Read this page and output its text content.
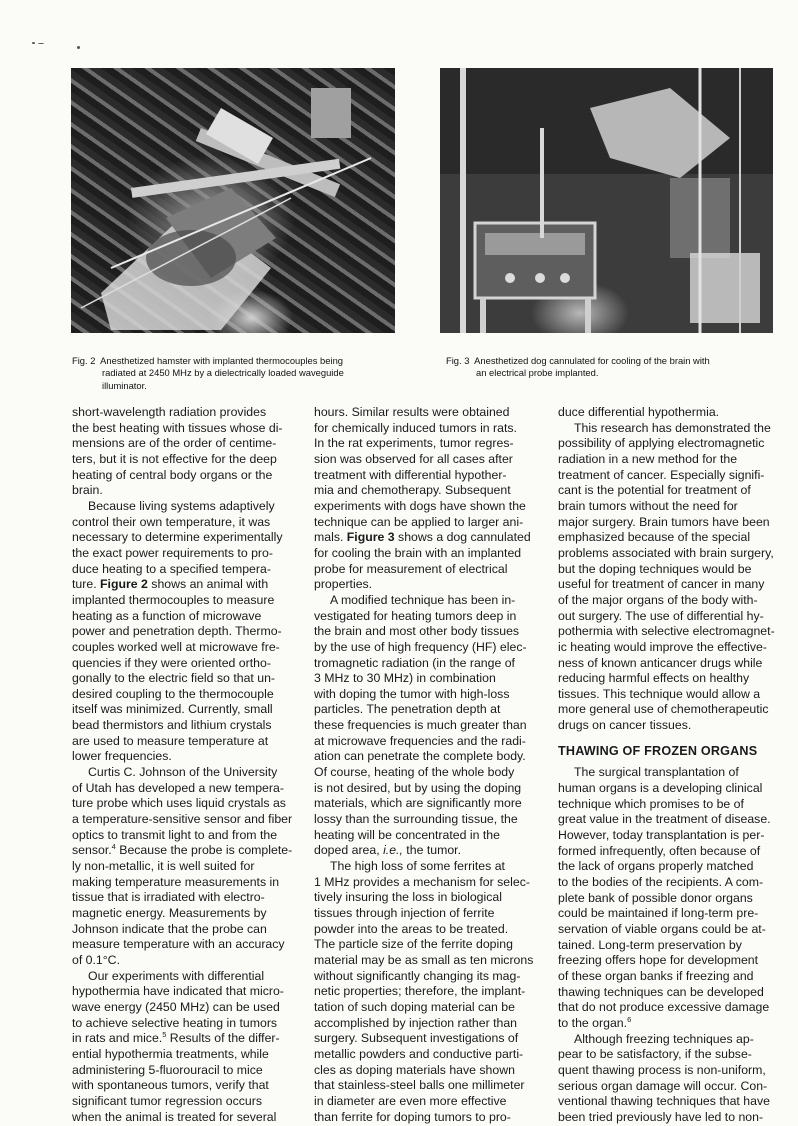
Fig. 2 Anesthetized hamster with implanted thermocouples being
radiated at 2450 MHz by a dielectrically loaded waveguide
illuminator.
Fig. 3 Anesthetized dog cannulated for cooling of the brain with
an electrical probe implanted.
short-wavelength radiation provides
the best heating with tissues whose di-
mensions are of the order of centime-
ters, but it is not effective for the deep
heating of central body organs or the
brain.
Because living systems adaptively
control their own temperature, it was
necessary to determine experimentally
the exact power requirements to pro-
duce heating to a specified tempera-
ture. Figure 2 shows an animal with
implanted thermocouples to measure
heating as a function of microwave
power and penetration depth. Thermo-
couples worked well at microwave fre-
quencies if they were oriented ortho-
gonally to the electric field so that un-
desired coupling to the thermocouple
itself was minimized. Currently, small
bead thermistors and lithium crystals
are used to measure temperature at
lower frequencies.
Curtis C. Johnson of the University
of Utah has developed a new tempera-
ture probe which uses liquid crystals as
a temperature-sensitive sensor and fiber
optics to transmit light to and from the
sensor.$^4$ Because the probe is complete-
ly non-metallic, it is well suited for
making temperature measurements in
tissue that is irradiated with electro-
magnetic energy. Measurements by
Johnson indicate that the probe can
measure temperature with an accuracy
of 0.1°C.
Our experiments with differential
hypothermia have indicated that micro-
wave energy (2450 MHz) can be used
to achieve selective heating in tumors
in rats and mice.$^5$ Results of the differ-
ential hypothermia treatments, while
administering 5-fluorouracil to mice
with spontaneous tumors, verify that
significant tumor regression occurs
when the animal is treated for several
hours. Similar results were obtained
for chemically induced tumors in rats.
In the rat experiments, tumor regres-
sion was observed for all cases after
treatment with differential hypother-
mia and chemotherapy. Subsequent
experiments with dogs have shown the
technique can be applied to larger ani-
mals. Figure 3 shows a dog cannulated
for cooling the brain with an implanted
probe for measurement of electrical
properties.
A modified technique has been in-
vestigated for heating tumors deep in
the brain and most other body tissues
by the use of high frequency (HF) elec-
tromagnetic radiation (in the range of
3 MHz to 30 MHz) in combination
with doping the tumor with high-loss
particles. The penetration depth at
these frequencies is much greater than
at microwave frequencies and the radi-
ation can penetrate the complete body.
Of course, heating of the whole body
is not desired, but by using the doping
materials, which are significantly more
lossy than the surrounding tissue, the
heating will be concentrated in the
doped area, i.e., the tumor.
The high loss of some ferrites at
1 MHz provides a mechanism for selec-
tively insuring the loss in biological
tissues through injection of ferrite
powder into the areas to be treated.
The particle size of the ferrite doping
material may be as small as ten microns
without significantly changing its mag-
netic properties; therefore, the implant-
tation of such doping material can be
accomplished by injection rather than
surgery. Subsequent investigations of
metallic powders and conductive parti-
cles as doping materials have shown
that stainless-steel balls one millimeter
in diameter are even more effective
than ferrite for doping tumors to pro-
duce differential hypothermia.
This research has demonstrated the
possibility of applying electromagnetic
radiation in a new method for the
treatment of cancer. Especially signifi-
cant is the potential for treatment of
brain tumors without the need for
major surgery. Brain tumors have been
emphasized because of the special
problems associated with brain surgery,
but the doping techniques would be
useful for treatment of cancer in many
of the major organs of the body with-
out surgery. The use of differential hy-
pothermia with selective electromagnet-
ic heating would improve the effective-
ness of known anticancer drugs while
reducing harmful effects on healthy
tissues. This technique would allow a
more general use of chemotherapeutic
drugs on cancer tissues.
THAWING OF FROZEN ORGANS
The surgical transplantation of
human organs is a developing clinical
technique which promises to be of
great value in the treatment of disease.
However, today transplantation is per-
formed infrequently, often because of
the lack of organs properly matched
to the bodies of the recipients. A com-
plete bank of possible donor organs
could be maintained if long-term pre-
servation of viable organs could be at-
tained. Long-term preservation by
freezing offers hope for development
of these organ banks if freezing and
thawing techniques can be developed
that do not produce excessive damage
to the organ.$^6$
Although freezing techniques ap-
pear to be satisfactory, if the subse-
quent thawing process is non-uniform,
serious organ damage will occur. Con-
ventional thawing techniques that have
been tried previously have led to non-
